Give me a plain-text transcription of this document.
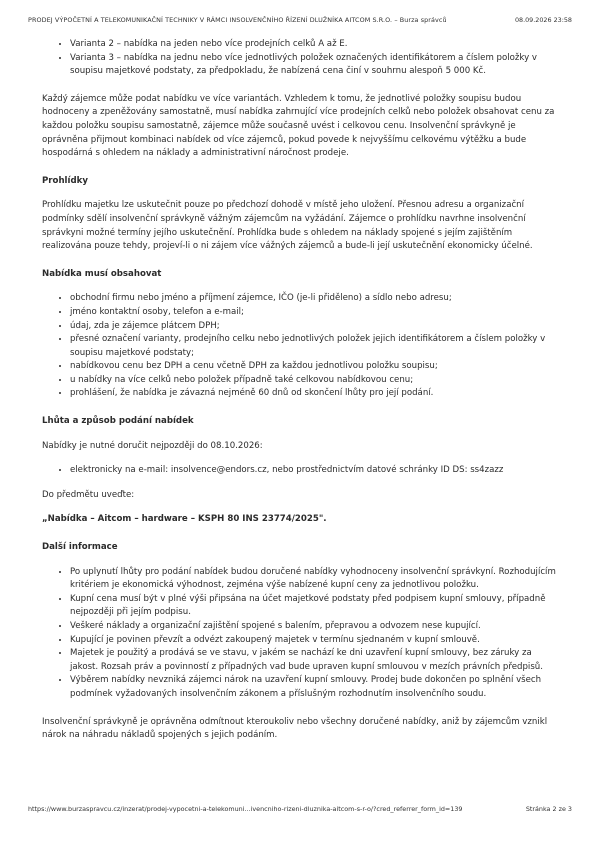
PRODEJ VÝPOČETNÍ A TELEKOMUNIKAČNÍ TECHNIKY V RÁMCI INSOLVENČNÍHO ŘÍZENÍ DLUŽNÍKA AITCOM S.R.O. – Burza správců	08.09.2026 23:58
• Varianta 2 – nabídka na jeden nebo více prodejních celků A až E.
• Varianta 3 – nabídka na jednu nebo více jednotlivých položek označených identifikátorem a číslem položky v soupisu majetkové podstaty, za předpokladu, že nabízená cena činí v souhrnu alespoň 5 000 Kč.

Každý zájemce může podat nabídku ve více variantách. Vzhledem k tomu, že jednotlivé položky soupisu budou hodnoceny a zpeněžovány samostatně, musí nabídka zahrnující více prodejních celků nebo položek obsahovat cenu za každou položku soupisu samostatně, zájemce může současně uvést i celkovou cenu. Insolvenční správkyně je oprávněna přijmout kombinaci nabídek od více zájemců, pokud povede k nejvyššímu celkovému výtěžku a bude hospodárná s ohledem na náklady a administrativní náročnost prodeje.

Prohlídky

Prohlídku majetku lze uskutečnit pouze po předchozí dohodě v místě jeho uložení. Přesnou adresu a organizační podmínky sdělí insolvenční správkyně vážným zájemcům na vyžádání. Zájemce o prohlídku navrhne insolvenční správkyni možné termíny jejího uskutečnění. Prohlídka bude s ohledem na náklady spojené s jejím zajištěním realizována pouze tehdy, projeví-li o ni zájem více vážných zájemců a bude-li její uskutečnění ekonomicky účelné.

Nabídka musí obsahovat

• obchodní firmu nebo jméno a příjmení zájemce, IČO (je-li přiděleno) a sídlo nebo adresu;
• jméno kontaktní osoby, telefon a e-mail;
• údaj, zda je zájemce plátcem DPH;
• přesné označení varianty, prodejního celku nebo jednotlivých položek jejich identifikátorem a číslem položky v soupisu majetkové podstaty;
• nabídkovou cenu bez DPH a cenu včetně DPH za každou jednotlivou položku soupisu;
• u nabídky na více celků nebo položek případně také celkovou nabídkovou cenu;
• prohlášení, že nabídka je závazná nejméně 60 dnů od skončení lhůty pro její podání.

Lhůta a způsob podání nabídek

Nabídky je nutné doručit nejpozději do 08.10.2026:

• elektronicky na e-mail: insolvence@endors.cz, nebo prostřednictvím datové schránky ID DS: ss4zazz

Do předmětu uveďte:

„Nabídka – Aitcom – hardware – KSPH 80 INS 23774/2025".

Další informace

• Po uplynutí lhůty pro podání nabídek budou doručené nabídky vyhodnoceny insolvenční správkyní. Rozhodujícím kritériem je ekonomická výhodnost, zejména výše nabízené kupní ceny za jednotlivou položku.
• Kupní cena musí být v plné výši připsána na účet majetkové podstaty před podpisem kupní smlouvy, případně nejpozději při jejím podpisu.
• Veškeré náklady a organizační zajištění spojené s balením, přepravou a odvozem nese kupující.
• Kupující je povinen převzít a odvézt zakoupený majetek v termínu sjednaném v kupní smlouvě.
• Majetek je použitý a prodává se ve stavu, v jakém se nachází ke dni uzavření kupní smlouvy, bez záruky za jakost. Rozsah práv a povinností z případných vad bude upraven kupní smlouvou v mezích právních předpisů.
• Výběrem nabídky nevzniká zájemci nárok na uzavření kupní smlouvy. Prodej bude dokončen po splnění všech podmínek vyžadovaných insolvenčním zákonem a příslušným rozhodnutím insolvenčního soudu.

Insolvenční správkyně je oprávněna odmítnout kteroukoliv nebo všechny doručené nabídky, aniž by zájemcům vznikl nárok na náhradu nákladů spojených s jejich podáním.

https://www.burzaspravcu.cz/inzerat/prodej-vypocetni-a-telekomuni...ivencniho-rizeni-dluznika-aitcom-s-r-o/?cred_referrer_form_id=139	Stránka 2 ze 3
